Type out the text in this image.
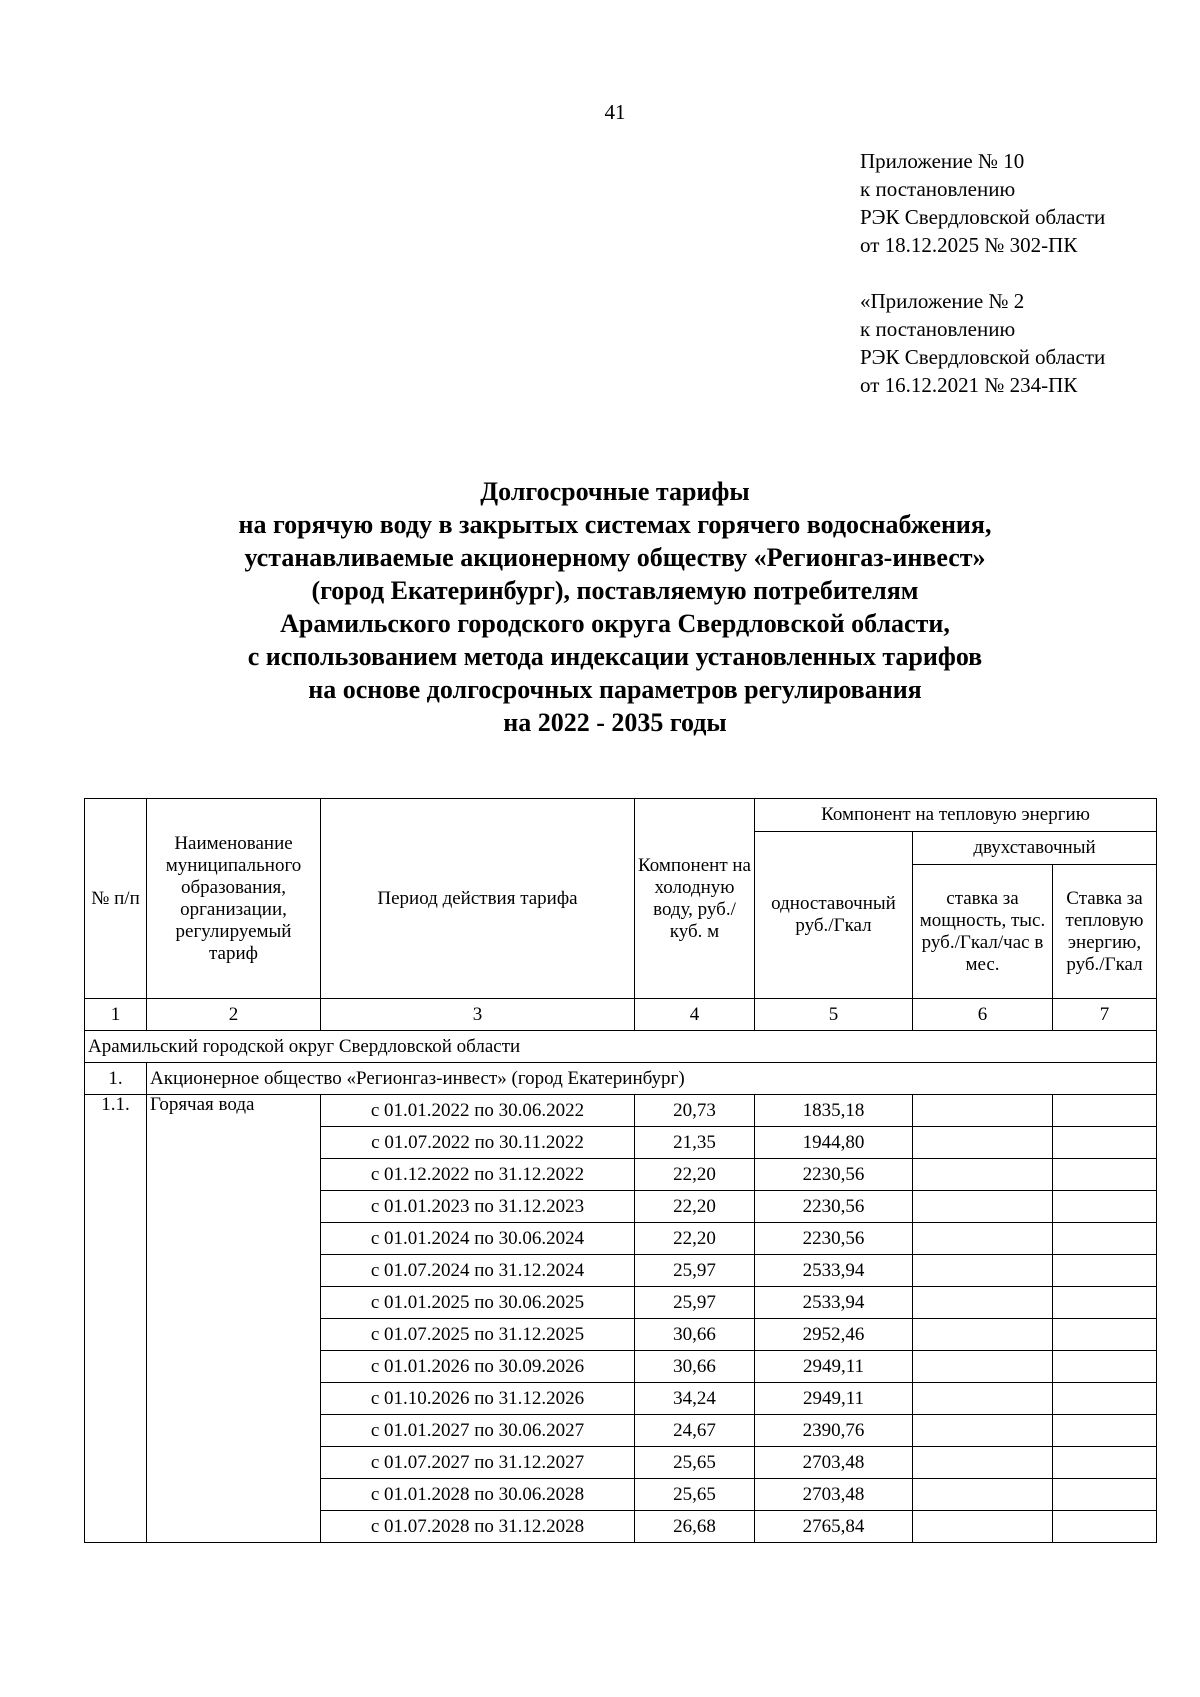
41
Приложение № 10
к постановлению
РЭК Свердловской области
от 18.12.2025 № 302-ПК
«Приложение № 2
к постановлению
РЭК Свердловской области
от 16.12.2021 № 234-ПК
Долгосрочные тарифы
на горячую воду в закрытых системах горячего водоснабжения,
устанавливаемые акционерному обществу «Регионгаз-инвест»
(город Екатеринбург), поставляемую потребителям
Арамильского городского округа Свердловской области,
с использованием метода индексации установленных тарифов
на основе долгосрочных параметров регулирования
на 2022 - 2035 годы
№ п/п	Наименование муниципального образования, организации, регулируемый тариф	Период действия тарифа	Компонент на холодную воду, руб./куб. м	Компонент на тепловую энергию		
				одноставочный руб./Гкал	двухставочный	
					ставка за мощность, тыс. руб./Гкал/час в мес.	Ставка за тепловую энергию, руб./Гкал
1	2	3	4	5	6	7
Арамильский городской округ Свердловской области						
1.	Акционерное общество «Регионгаз-инвест» (город Екатеринбург)					
1.1.	Горячая вода	с 01.01.2022 по 30.06.2022	20,73	1835,18		
		с 01.07.2022 по 30.11.2022	21,35	1944,80		
		с 01.12.2022 по 31.12.2022	22,20	2230,56		
		с 01.01.2023 по 31.12.2023	22,20	2230,56		
		с 01.01.2024 по 30.06.2024	22,20	2230,56		
		с 01.07.2024 по 31.12.2024	25,97	2533,94		
		с 01.01.2025 по 30.06.2025	25,97	2533,94		
		с 01.07.2025 по 31.12.2025	30,66	2952,46		
		с 01.01.2026 по 30.09.2026	30,66	2949,11		
		с 01.10.2026 по 31.12.2026	34,24	2949,11		
		с 01.01.2027 по 30.06.2027	24,67	2390,76		
		с 01.07.2027 по 31.12.2027	25,65	2703,48		
		с 01.01.2028 по 30.06.2028	25,65	2703,48		
		с 01.07.2028 по 31.12.2028	26,68	2765,84		
